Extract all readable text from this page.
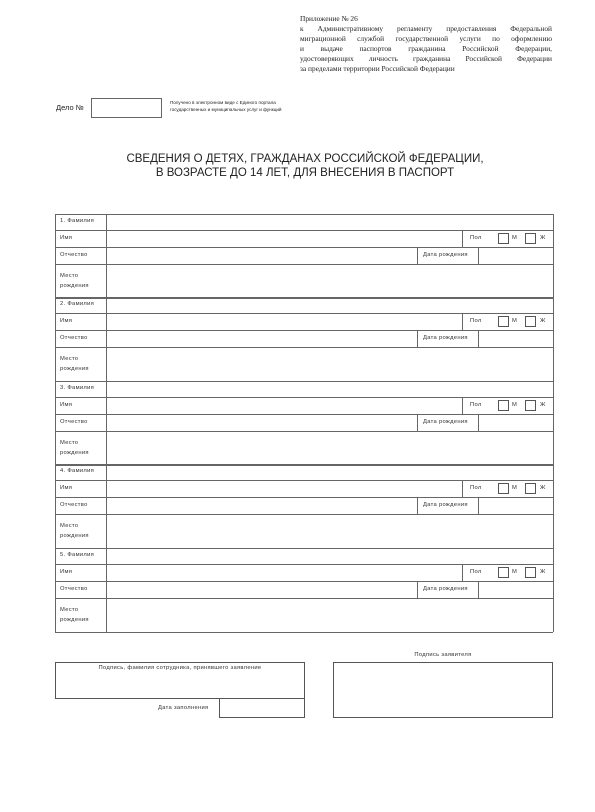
Приложение № 26
к Административному регламенту предоставления Федеральной
миграционной службой государственной услуги по оформлению
и выдаче паспортов гражданина Российской Федерации,
удостоверяющих личность гражданина Российской Федерации
за пределами территории Российской Федерации
Дело №
Получено в электронном виде с Единого портала
государственных и муниципальных услуг и функций
СВЕДЕНИЯ О ДЕТЯХ, ГРАЖДАНАХ РОССИЙСКОЙ ФЕДЕРАЦИИ,
В ВОЗРАСТЕ ДО 14 ЛЕТ, ДЛЯ ВНЕСЕНИЯ В ПАСПОРТ
1. Фамилия
Имя	Пол	М	Ж
Отчество	Дата рождения
Место
рождения
2. Фамилия
Имя	Пол	М	Ж
Отчество	Дата рождения
Место
рождения
3. Фамилия
Имя	Пол	М	Ж
Отчество	Дата рождения
Место
рождения
4. Фамилия
Имя	Пол	М	Ж
Отчество	Дата рождения
Место
рождения
5. Фамилия
Имя	Пол	М	Ж
Отчество	Дата рождения
Место
рождения
Подпись, фамилия сотрудника, принявшего заявление
Дата заполнения
Подпись заявителя
